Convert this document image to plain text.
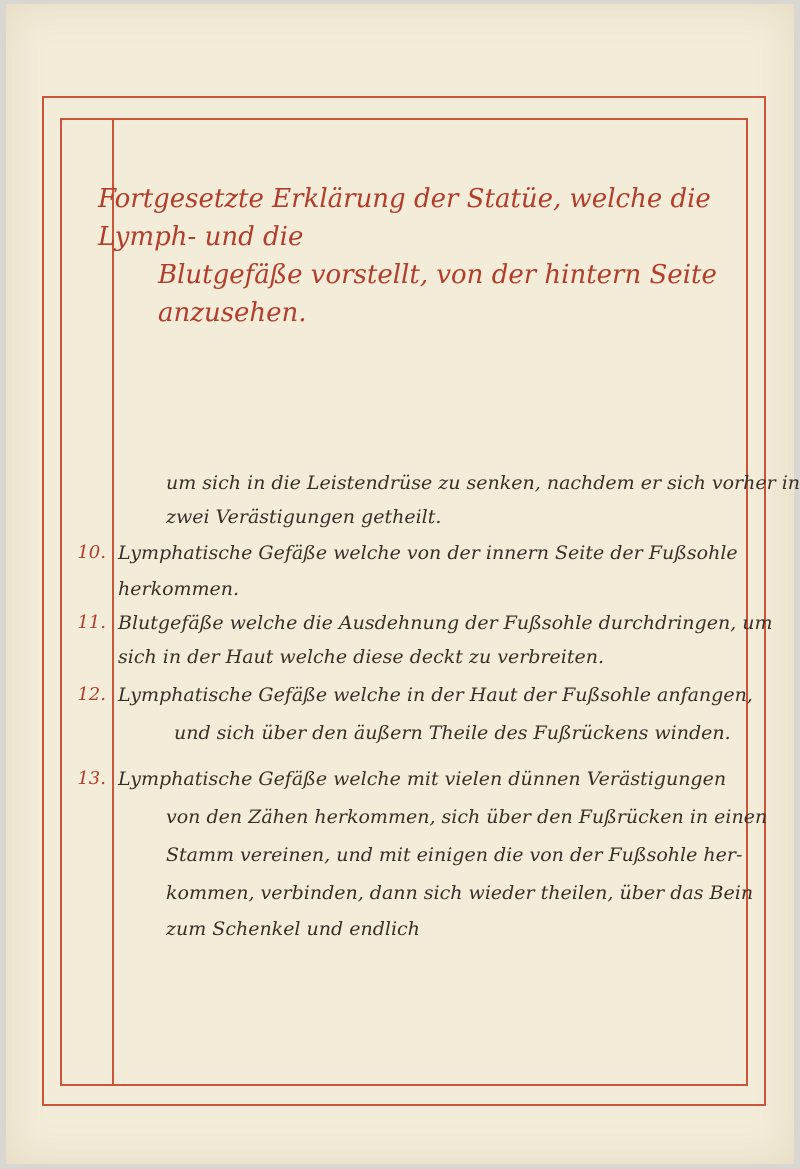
Fortgesetzte Erklärung der Statüe, welche die Lymph- und die
Blutgefäße vorstellt, von der hintern Seite anzusehen.
um sich in die Leistendrüse zu senken, nachdem er sich vorher in
zwei Verästigungen getheilt.
10. Lymphatische Gefäße welche von der innern Seite der Fußsohle
herkommen.
11. Blutgefäße welche die Ausdehnung der Fußsohle durchdringen, um
sich in der Haut welche diese deckt zu verbreiten.
12. Lymphatische Gefäße welche in der Haut der Fußsohle anfangen,
und sich über den äußern Theile des Fußrückens winden.
13. Lymphatische Gefäße welche mit vielen dünnen Verästigungen
von den Zähen herkommen, sich über den Fußrücken in einen
Stamm vereinen, und mit einigen die von der Fußsohle her-
kommen, verbinden, dann sich wieder theilen, über das Bein
zum Schenkel und endlich
